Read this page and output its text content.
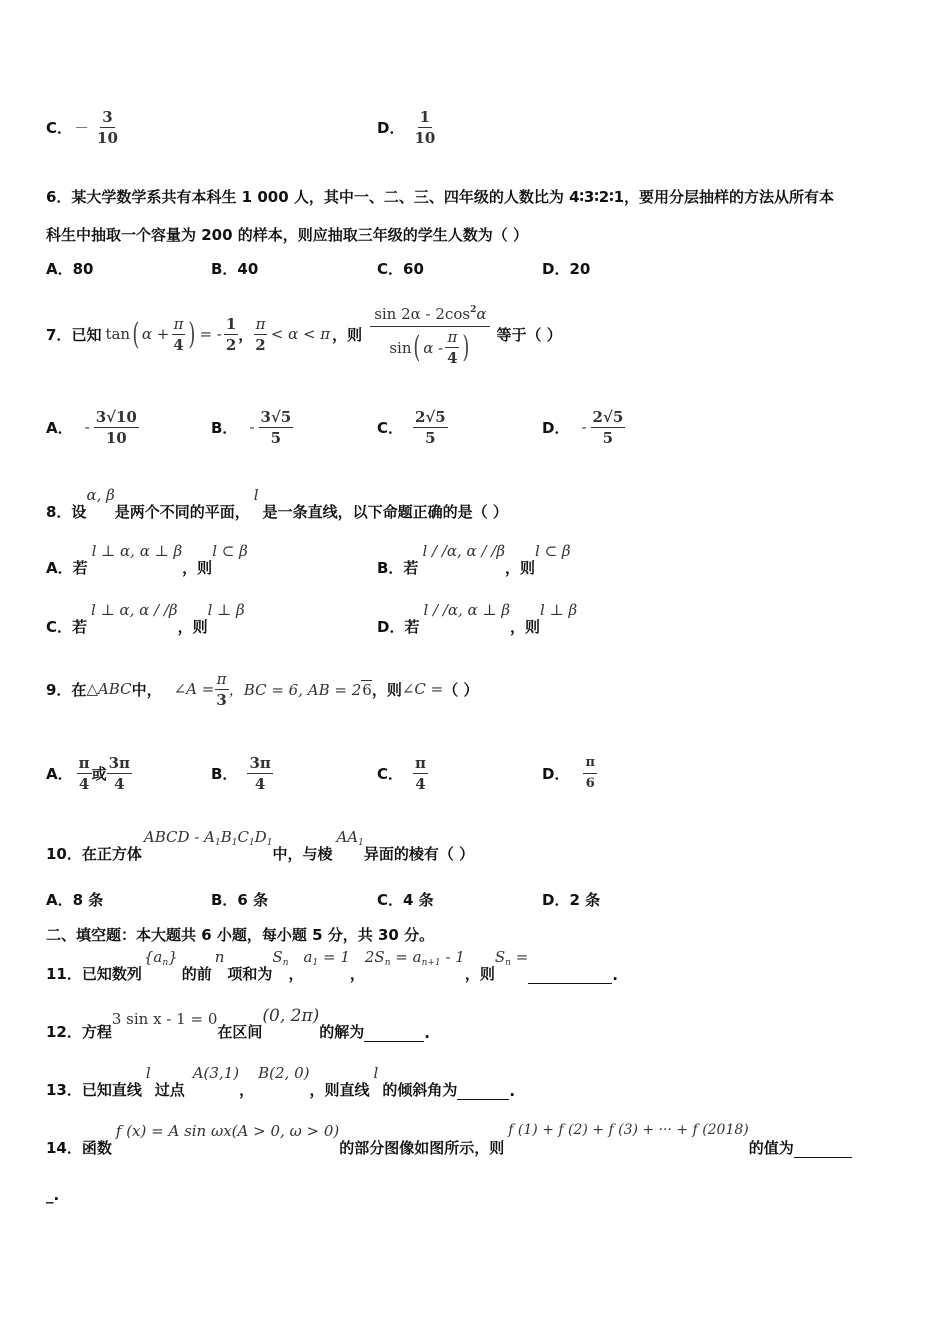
C． － $\frac{3}{10}$	D． $\frac{1}{10}$
6．某大学数学系共有本科生 1 000 人，其中一、二、三、四年级的人数比为 4∶3∶2∶1，要用分层抽样的方法从所有本
科生中抽取一个容量为 200 的样本，则应抽取三年级的学生人数为（ ）
A．80	B．40	C．60	D．20
7． 已知 tan ( $\alpha + \frac{\pi}{4}$ ) = - $\frac{1}{2}$ ， $\frac{\pi}{2} < \alpha < \pi$ ，则
$\sin 2\alpha - 2\cos^2\alpha$
sin ( α - $\frac{\pi}{4}$ ) 等于（ ）
A． - $\frac{3√10}{10}$	B． - $\frac{3√5}{5}$	C． $\frac{2√5}{5}$	D． - $\frac{2√5}{5}$
8．设
α, β
是两个不同的平面，
l
是一条直线，以下命题正确的是（ ）
A．若
l ⊥ α, α ⊥ β
，则
l ⊂ β
B．若
l / /α, α / /β
，则
l ⊂ β
C．若
l ⊥ α, α / /β
，则
l ⊥ β
D．若
l / /α, α ⊥ β
，则
l ⊥ β
9．在 △ABC 中， ∠A = $\frac{\pi}{3}$ ，BC = 6, AB = 2 6 ，则 ∠C = （ ）
A． $\frac{\pi}{4}$ 或 $\frac{3\pi}{4}$	B． $\frac{3\pi}{4}$	C． $\frac{\pi}{4}$	D． $\frac{\pi}{6}$
10．在正方体
ABCD - $A_1B_1C_1D_1$
中，与棱
$AA_1$
异面的棱有（ ）
A．8 条	B．6 条	C．4 条	D．2 条
二、填空题：本大题共 6 小题，每小题 5 分，共 30 分。
11．已知数列
$\{a_n\}$
的前
n
项和为
$S_n$
，
$a_1 = 1$
，
$2S_n = a_{n+1} - 1$
，则
$S_n$ =
.
12．方程
3 sin x - 1 = 0
在区间
(0, 2π)
的解为	.
13．已知直线
l
过点
A(3,1)
，
B(2, 0)
，则直线
l
的倾斜角为	.
14．函数
f (x) = A sin ωx(A > 0, ω > 0)
的部分图像如图所示，则
f (1) + f (2) + f (3) + ··· + f (2018)
的值为
_.
